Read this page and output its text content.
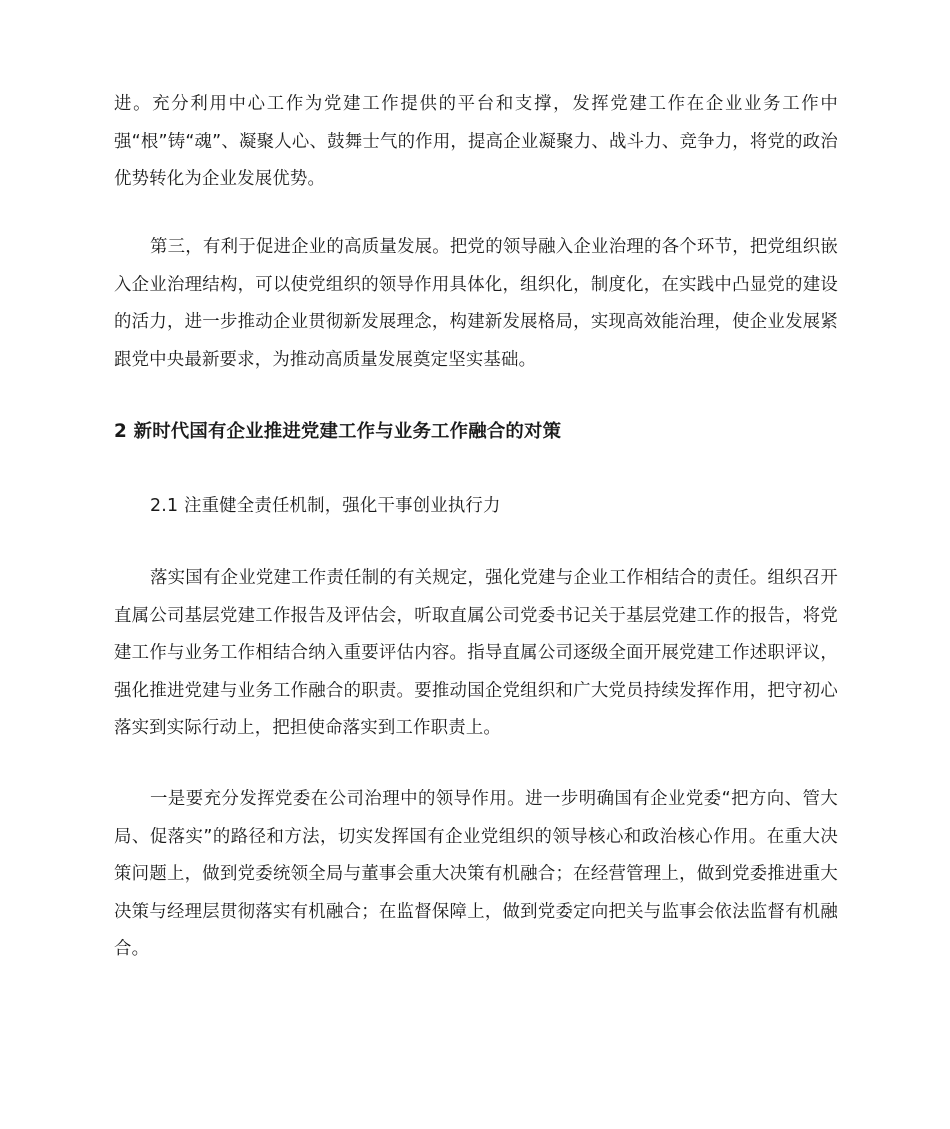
进。充分利用中心工作为党建工作提供的平台和支撑，发挥党建工作在企业业务工作中强“根”铸“魂”、凝聚人心、鼓舞士气的作用，提高企业凝聚力、战斗力、竞争力，将党的政治优势转化为企业发展优势。

第三，有利于促进企业的高质量发展。把党的领导融入企业治理的各个环节，把党组织嵌入企业治理结构，可以使党组织的领导作用具体化，组织化，制度化，在实践中凸显党的建设的活力，进一步推动企业贯彻新发展理念，构建新发展格局，实现高效能治理，使企业发展紧跟党中央最新要求，为推动高质量发展奠定坚实基础。

2 新时代国有企业推进党建工作与业务工作融合的对策
2.1 注重健全责任机制，强化干事创业执行力

落实国有企业党建工作责任制的有关规定，强化党建与企业工作相结合的责任。组织召开直属公司基层党建工作报告及评估会，听取直属公司党委书记关于基层党建工作的报告，将党建工作与业务工作相结合纳入重要评估内容。指导直属公司逐级全面开展党建工作述职评议，强化推进党建与业务工作融合的职责。要推动国企党组织和广大党员持续发挥作用，把守初心落实到实际行动上，把担使命落实到工作职责上。

一是要充分发挥党委在公司治理中的领导作用。进一步明确国有企业党委“把方向、管大局、促落实”的路径和方法，切实发挥国有企业党组织的领导核心和政治核心作用。在重大决策问题上，做到党委统领全局与董事会重大决策有机融合；在经营管理上，做到党委推进重大决策与经理层贯彻落实有机融合；在监督保障上，做到党委定向把关与监事会依法监督有机融合。
